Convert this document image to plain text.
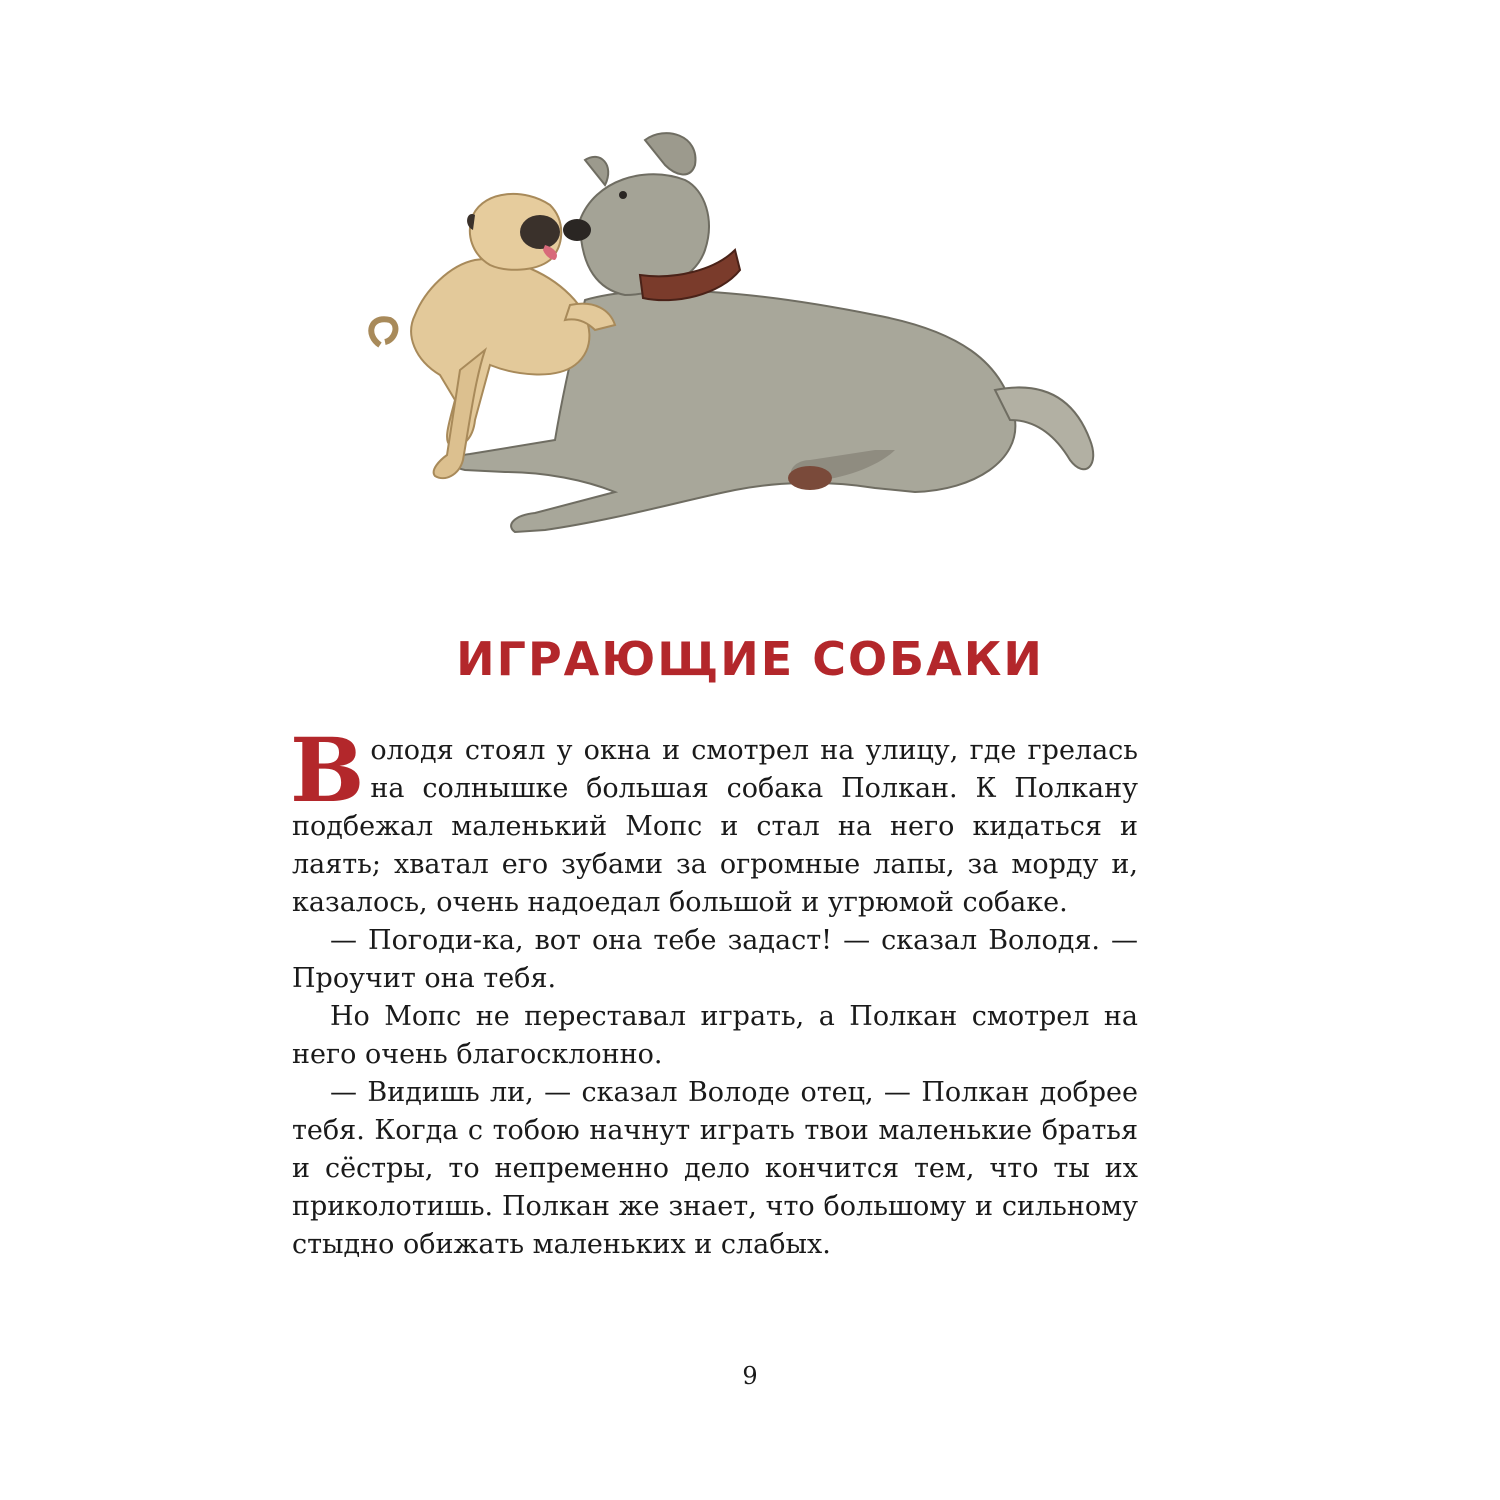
ИГРАЮЩИЕ СОБАКИ

Володя стоял у окна и смотрел на улицу, где грелась на солнышке большая собака Полкан. К Полкану подбежал маленький Мопс и стал на него кидаться и лаять; хватал его зубами за огромные лапы, за морду и, казалось, очень надоедал большой и угрюмой собаке.

— Погоди-ка, вот она тебе задаст! — сказал Володя. — Проучит она тебя.

Но Мопс не переставал играть, а Полкан смотрел на него очень благосклонно.

— Видишь ли, — сказал Володе отец, — Полкан добрее тебя. Когда с тобою начнут играть твои маленькие братья и сёстры, то непременно дело кончится тем, что ты их приколотишь. Полкан же знает, что большому и сильному стыдно обижать маленьких и слабых.

9
